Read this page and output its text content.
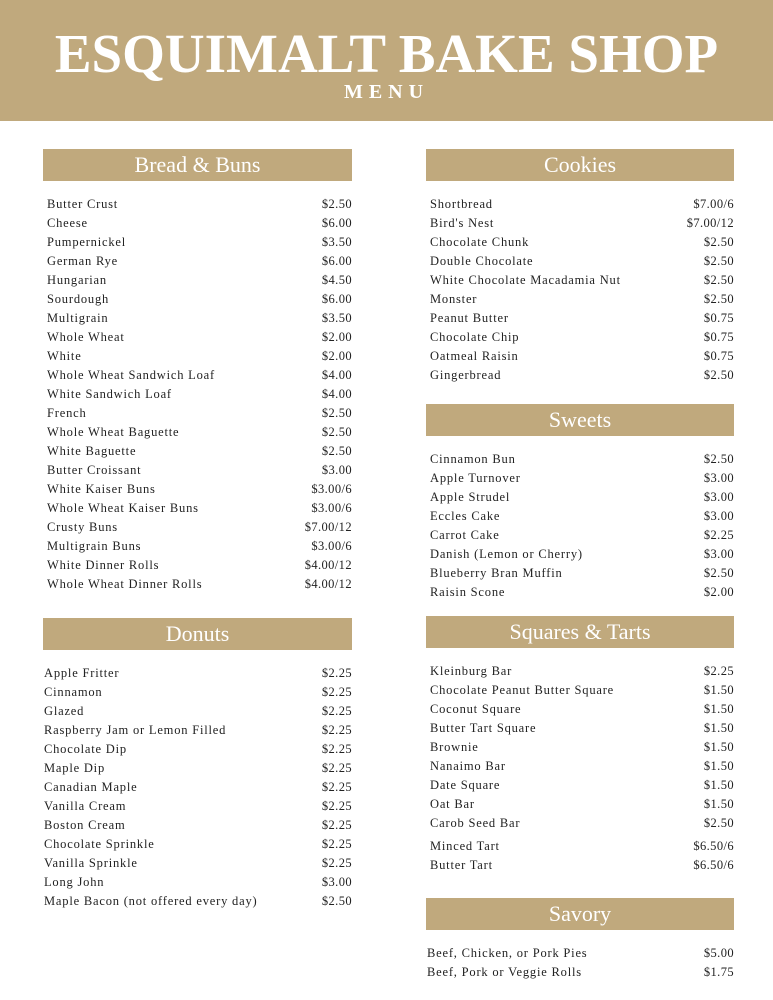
ESQUIMALT BAKE SHOP
MENU
Bread & Buns
Butter Crust	$2.50
Cheese	$6.00
Pumpernickel	$3.50
German Rye	$6.00
Hungarian	$4.50
Sourdough	$6.00
Multigrain	$3.50
Whole Wheat	$2.00
White	$2.00
Whole Wheat Sandwich Loaf	$4.00
White Sandwich Loaf	$4.00
French	$2.50
Whole Wheat Baguette	$2.50
White Baguette	$2.50
Butter Croissant	$3.00
White Kaiser Buns	$3.00/6
Whole Wheat Kaiser Buns	$3.00/6
Crusty Buns	$7.00/12
Multigrain Buns	$3.00/6
White Dinner Rolls	$4.00/12
Whole Wheat Dinner Rolls	$4.00/12
Donuts
Apple Fritter	$2.25
Cinnamon	$2.25
Glazed	$2.25
Raspberry Jam or Lemon Filled	$2.25
Chocolate Dip	$2.25
Maple Dip	$2.25
Canadian Maple	$2.25
Vanilla Cream	$2.25
Boston Cream	$2.25
Chocolate Sprinkle	$2.25
Vanilla Sprinkle	$2.25
Long John	$3.00
Maple Bacon (not offered every day)	$2.50
Cookies
Shortbread	$7.00/6
Bird's Nest	$7.00/12
Chocolate Chunk	$2.50
Double Chocolate	$2.50
White Chocolate Macadamia Nut	$2.50
Monster	$2.50
Peanut Butter	$0.75
Chocolate Chip	$0.75
Oatmeal Raisin	$0.75
Gingerbread	$2.50
Sweets
Cinnamon Bun	$2.50
Apple Turnover	$3.00
Apple Strudel	$3.00
Eccles Cake	$3.00
Carrot Cake	$2.25
Danish (Lemon or Cherry)	$3.00
Blueberry Bran Muffin	$2.50
Raisin Scone	$2.00
Squares & Tarts
Kleinburg Bar	$2.25
Chocolate Peanut Butter Square	$1.50
Coconut Square	$1.50
Butter Tart Square	$1.50
Brownie	$1.50
Nanaimo Bar	$1.50
Date Square	$1.50
Oat Bar	$1.50
Carob Seed Bar	$2.50
Minced Tart	$6.50/6
Butter Tart	$6.50/6
Savory
Beef, Chicken, or Pork Pies	$5.00
Beef, Pork or Veggie Rolls	$1.75
